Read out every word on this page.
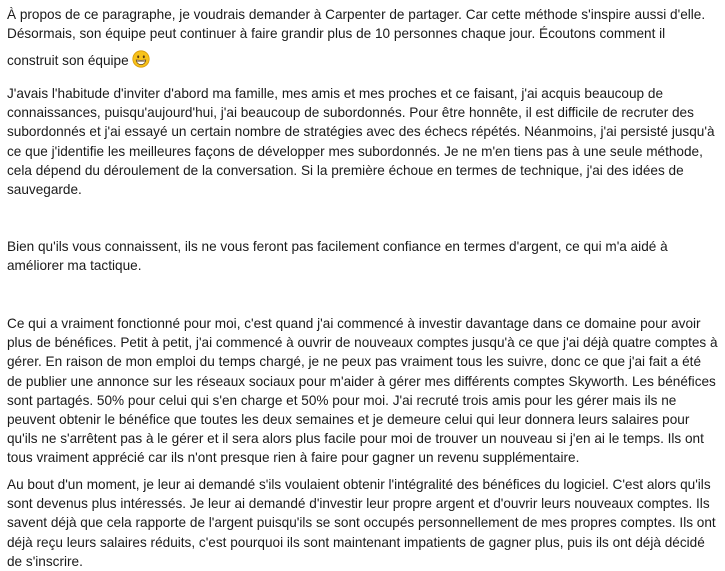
À propos de ce paragraphe, je voudrais demander à Carpenter de partager. Car cette méthode s'inspire aussi d'elle.
Désormais, son équipe peut continuer à faire grandir plus de 10 personnes chaque jour. Écoutons comment il

construit son équipe

J'avais l'habitude d'inviter d'abord ma famille, mes amis et mes proches et ce faisant, j'ai acquis beaucoup de connaissances, puisqu'aujourd'hui, j'ai beaucoup de subordonnés. Pour être honnête, il est difficile de recruter des subordonnés et j'ai essayé un certain nombre de stratégies avec des échecs répétés. Néanmoins, j'ai persisté jusqu'à ce que j'identifie les meilleures façons de développer mes subordonnés. Je ne m'en tiens pas à une seule méthode, cela dépend du déroulement de la conversation. Si la première échoue en termes de technique, j'ai des idées de sauvegarde.

Bien qu'ils vous connaissent, ils ne vous feront pas facilement confiance en termes d'argent, ce qui m'a aidé à améliorer ma tactique.

Ce qui a vraiment fonctionné pour moi, c'est quand j'ai commencé à investir davantage dans ce domaine pour avoir plus de bénéfices. Petit à petit, j'ai commencé à ouvrir de nouveaux comptes jusqu'à ce que j'ai déjà quatre comptes à gérer. En raison de mon emploi du temps chargé, je ne peux pas vraiment tous les suivre, donc ce que j'ai fait a été de publier une annonce sur les réseaux sociaux pour m'aider à gérer mes différents comptes Skyworth. Les bénéfices sont partagés. 50% pour celui qui s'en charge et 50% pour moi. J'ai recruté trois amis pour les gérer mais ils ne peuvent obtenir le bénéfice que toutes les deux semaines et je demeure celui qui leur donnera leurs salaires pour qu'ils ne s'arrêtent pas à le gérer et il sera alors plus facile pour moi de trouver un nouveau si j'en ai le temps. Ils ont tous vraiment apprécié car ils n'ont presque rien à faire pour gagner un revenu supplémentaire.

Au bout d'un moment, je leur ai demandé s'ils voulaient obtenir l'intégralité des bénéfices du logiciel. C'est alors qu'ils sont devenus plus intéressés. Je leur ai demandé d'investir leur propre argent et d'ouvrir leurs nouveaux comptes. Ils savent déjà que cela rapporte de l'argent puisqu'ils se sont occupés personnellement de mes propres comptes. Ils ont déjà reçu leurs salaires réduits, c'est pourquoi ils sont maintenant impatients de gagner plus, puis ils ont déjà décidé de s'inscrire.
